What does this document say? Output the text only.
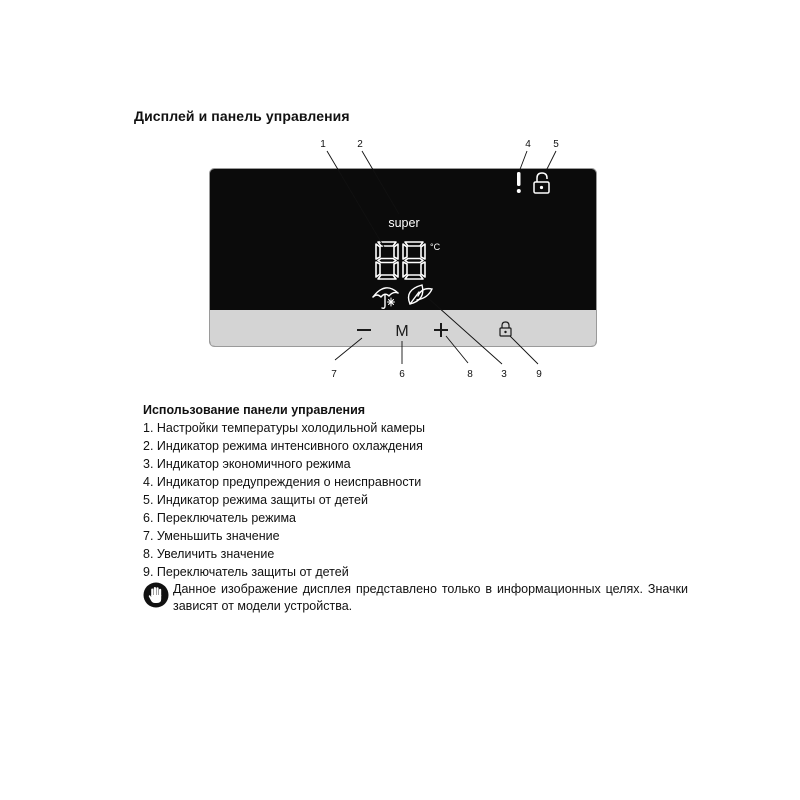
Дисплей и панель управления
super
°C
M
1	2	4 5
7	6	8	3	9
Использование панели управления
1. Настройки температуры холодильной камеры
2. Индикатор режима интенсивного охлаждения
3. Индикатор экономичного режима
4. Индикатор предупреждения о неисправности
5. Индикатор режима защиты от детей
6. Переключатель режима
7. Уменьшить значение
8. Увеличить значение
9. Переключатель защиты от детей
Данное изображение дисплея представлено только в информационных целях. Значки зависят от модели устройства.
